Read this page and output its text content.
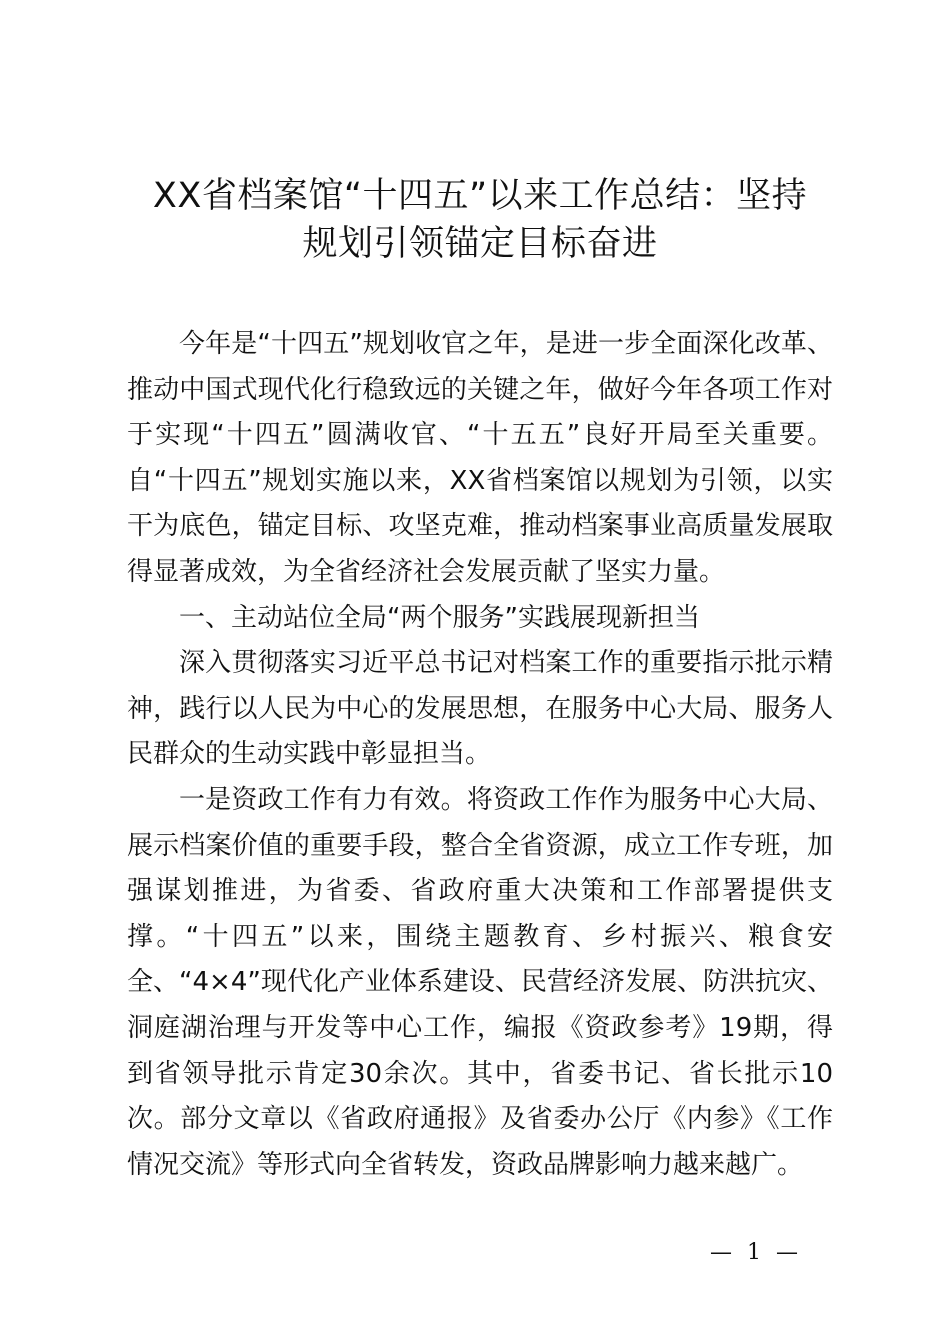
XX省档案馆“十四五”以来工作总结：坚持
规划引领锚定目标奋进

今年是“十四五”规划收官之年，是进一步全面深化改革、推动中国式现代化行稳致远的关键之年，做好今年各项工作对于实现“十四五”圆满收官、“十五五”良好开局至关重要。自“十四五”规划实施以来，XX省档案馆以规划为引领，以实干为底色，锚定目标、攻坚克难，推动档案事业高质量发展取得显著成效，为全省经济社会发展贡献了坚实力量。

一、主动站位全局“两个服务”实践展现新担当

深入贯彻落实习近平总书记对档案工作的重要指示批示精神，践行以人民为中心的发展思想，在服务中心大局、服务人民群众的生动实践中彰显担当。

一是资政工作有力有效。将资政工作作为服务中心大局、展示档案价值的重要手段，整合全省资源，成立工作专班，加强谋划推进，为省委、省政府重大决策和工作部署提供支撑。“十四五”以来，围绕主题教育、乡村振兴、粮食安全、“4×4”现代化产业体系建设、民营经济发展、防洪抗灾、洞庭湖治理与开发等中心工作，编报《资政参考》19期，得到省领导批示肯定30余次。其中，省委书记、省长批示10次。部分文章以《省政府通报》及省委办公厅《内参》《工作情况交流》等形式向全省转发，资政品牌影响力越来越广。

— 1 —
